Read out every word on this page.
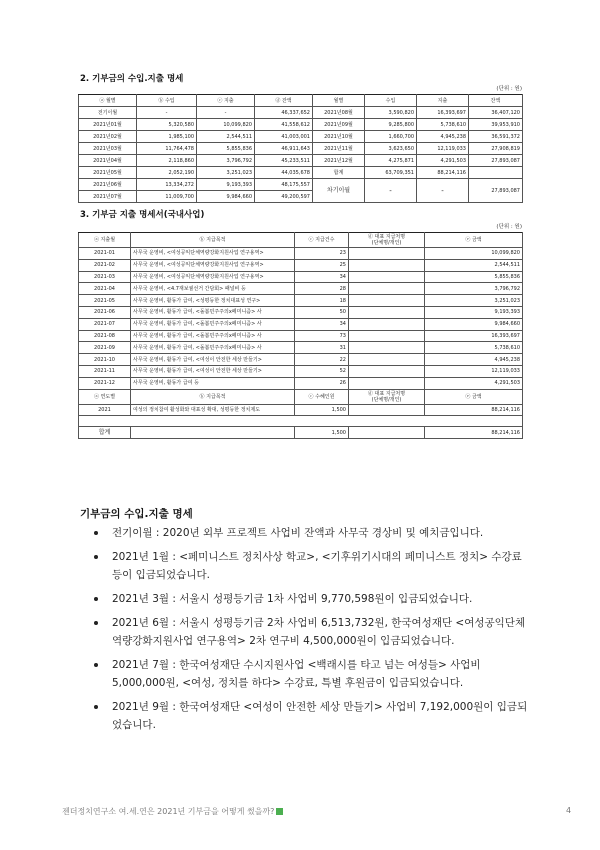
2. 기부금의 수입.지출 명세
(단위 : 원)
ⓐ 월별	ⓑ 수입	ⓒ 지출	ⓓ 잔액	월별	수입	지출	잔액
전기이월	-	-	46,337,652	2021년08월	3,590,820	16,393,697	36,407,120
2021년01월	5,320,580	10,099,820	41,558,612	2021년09월	9,285,800	5,738,610	39,953,910
2021년02월	1,985,100	2,544,511	41,003,001	2021년10월	1,660,700	4,945,238	36,591,372
2021년03월	11,764,478	5,855,836	46,911,643	2021년11월	3,623,650	12,119,033	27,908,819
2021년04월	2,118,860	3,796,792	45,233,511	2021년12월	4,275,871	4,291,503	27,893,087
2021년05월	2,052,190	3,251,023	44,035,678	합계	63,709,351	88,214,116	
2021년06월	13,334,272	9,193,393	48,175,557	차기이월	-	-	27,893,087
2021년07월	11,009,700	9,984,660	49,200,597				
3. 기부금 지출 명세서(국내사업)
(단위 : 원)
ⓐ 지출월	ⓑ 지급목적	ⓒ 지급건수	ⓓ 대표 지급처명
(단체명/개인)	ⓔ 금액
2021-01	사무국 운영비, <여성공익단체역량강화지원사업 연구용역>	23		10,099,820
2021-02	사무국 운영비, <여성공익단체역량강화지원사업 연구용역>	25		2,544,511
2021-03	사무국 운영비, <여성공익단체역량강화지원사업 연구용역>	34		5,855,836
2021-04	사무국 운영비, <4.7재보궐선거 간담회> 패널비 등	28		3,796,792
2021-05	사무국 운영비, 활동가 급여, <성평등한 정치대표성 연구>	18		3,251,023
2021-06	사무국 운영비, 활동가 급여, <돌봄민주주의x페미니즘> 사	50		9,193,393
2021-07	사무국 운영비, 활동가 급여, <돌봄민주주의x페미니즘> 사	34		9,984,660
2021-08	사무국 운영비, 활동가 급여, <돌봄민주주의x페미니즘> 사	73		16,393,697
2021-09	사무국 운영비, 활동가 급여, <돌봄민주주의x페미니즘> 사	31		5,738,610
2021-10	사무국 운영비, 활동가 급여, <여성이 안전한 세상 만들기>	22		4,945,238
2021-11	사무국 운영비, 활동가 급여, <여성이 안전한 세상 만들기>	52		12,119,033
2021-12	사무국 운영비, 활동가 급여 등	26		4,291,503
ⓐ 연도별	ⓑ 지급목적	ⓒ 수혜인원	ⓓ 대표 지급처명
(단체명/개인)	ⓔ 금액
2021	여성의 정치참여 활성화와 대표성 확대, 성평등한 정치제도	1,500		88,214,116

합계		1,500		88,214,116
기부금의 수입.지출 명세
전기이월 : 2020년 외부 프로젝트 사업비 잔액과 사무국 경상비 및 예치금입니다.
2021년 1월 : <페미니스트 정치사상 학교>, <기후위기시대의 페미니스트 정치> 수강료 등이 입금되었습니다.
2021년 3월 : 서울시 성평등기금 1차 사업비 9,770,598원이 입금되었습니다.
2021년 6월 : 서울시 성평등기금 2차 사업비 6,513,732원, 한국여성재단 <여성공익단체역량강화지원사업 연구용역> 2차 연구비 4,500,000원이 입금되었습니다.
2021년 7월 : 한국여성재단 수시지원사업 <백래시를 타고 넘는 여성들> 사업비 5,000,000원, <여성, 정치를 하다> 수강료, 특별 후원금이 입금되었습니다.
2021년 9월 : 한국여성재단 <여성이 안전한 세상 만들기> 사업비 7,192,000원이 입금되었습니다.
젠더정치연구소 여.세.연은 2021년 기부금을 어떻게 썼을까?	4
